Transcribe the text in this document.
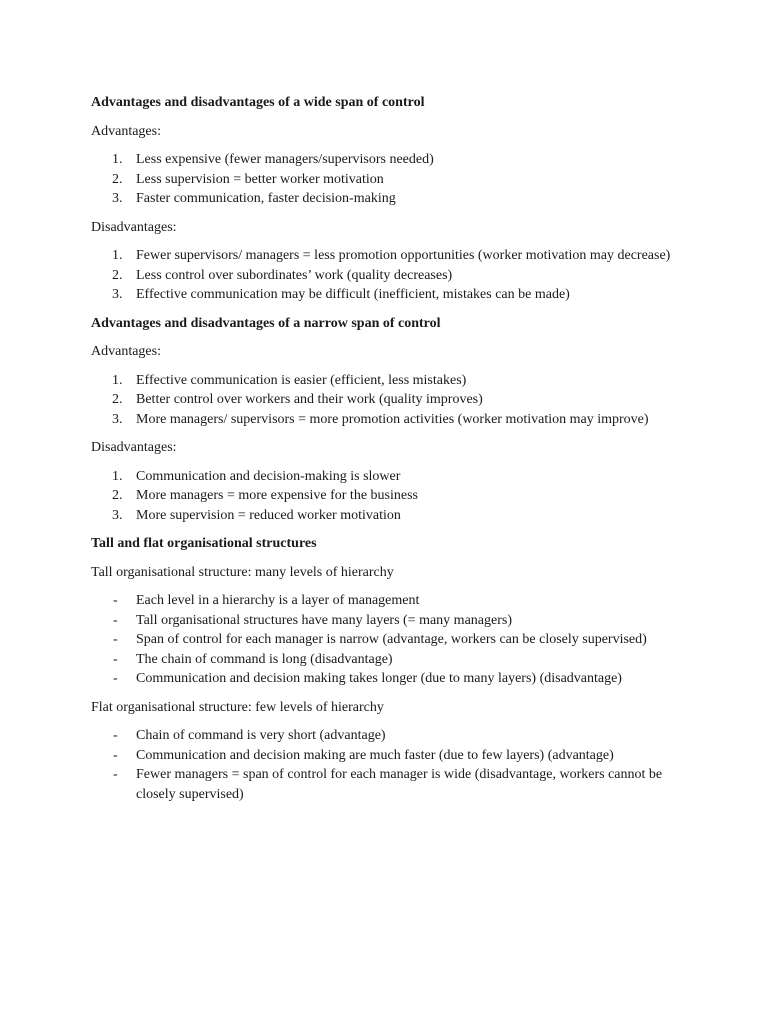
Advantages and disadvantages of a wide span of control
Advantages:
1. Less expensive (fewer managers/supervisors needed)
2. Less supervision = better worker motivation
3. Faster communication, faster decision-making
Disadvantages:
1. Fewer supervisors/ managers = less promotion opportunities (worker motivation may decrease)
2. Less control over subordinates’ work (quality decreases)
3. Effective communication may be difficult (inefficient, mistakes can be made)
Advantages and disadvantages of a narrow span of control
Advantages:
1. Effective communication is easier (efficient, less mistakes)
2. Better control over workers and their work (quality improves)
3. More managers/ supervisors = more promotion activities (worker motivation may improve)
Disadvantages:
1. Communication and decision-making is slower
2. More managers = more expensive for the business
3. More supervision = reduced worker motivation
Tall and flat organisational structures
Tall organisational structure: many levels of hierarchy
- Each level in a hierarchy is a layer of management
- Tall organisational structures have many layers (= many managers)
- Span of control for each manager is narrow (advantage, workers can be closely supervised)
- The chain of command is long (disadvantage)
- Communication and decision making takes longer (due to many layers) (disadvantage)
Flat organisational structure: few levels of hierarchy
- Chain of command is very short (advantage)
- Communication and decision making are much faster (due to few layers) (advantage)
- Fewer managers = span of control for each manager is wide (disadvantage, workers cannot be closely supervised)
